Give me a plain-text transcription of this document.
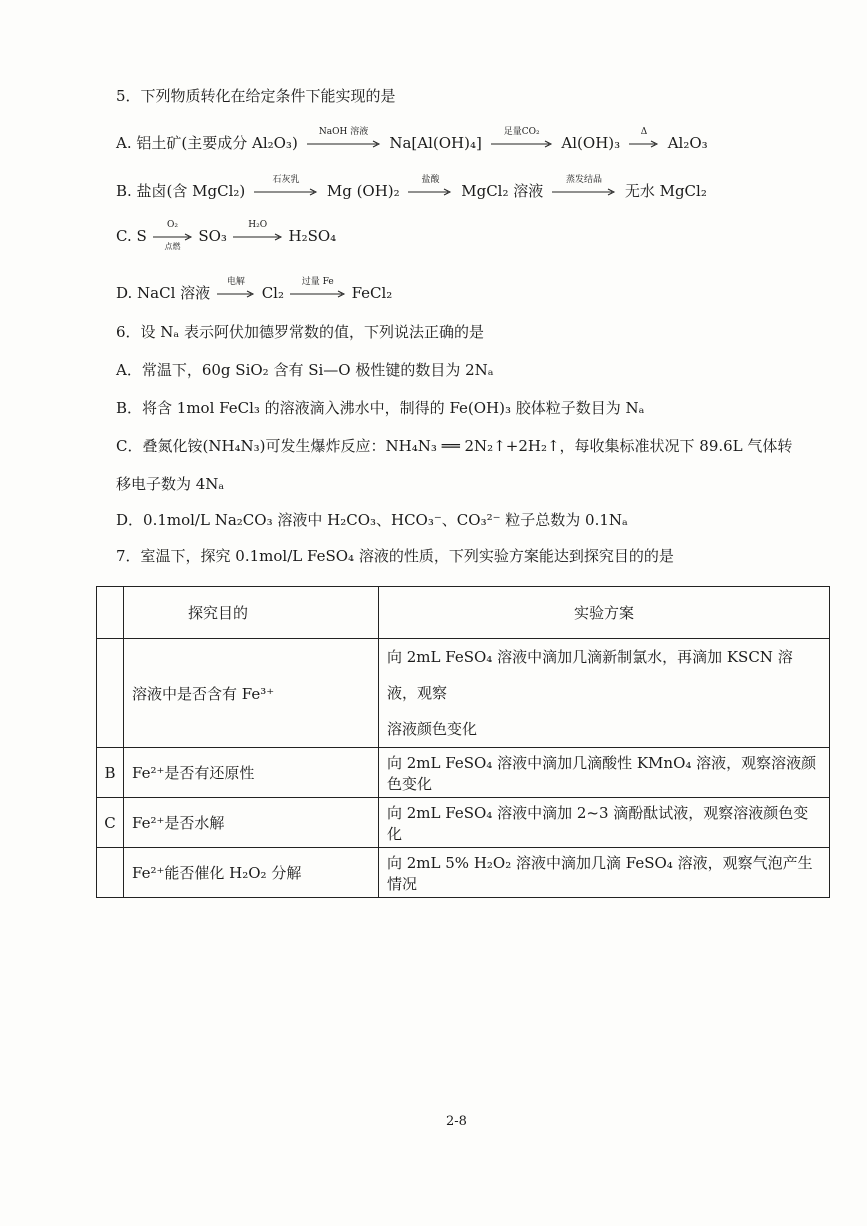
5．下列物质转化在给定条件下能实现的是
A. 铝土矿(主要成分 Al₂O₃)
NaOH 溶液
Na[Al(OH)₄]
足量CO₂
Al(OH)₃
Δ
Al₂O₃
B. 盐卤(含 MgCl₂)
石灰乳
Mg (OH)₂
盐酸
MgCl₂ 溶液
蒸发结晶
无水 MgCl₂
C. S
O₂
点燃
SO₃
H₂O
H₂SO₄
D. NaCl 溶液
电解
Cl₂
过量 Fe
FeCl₂
6．设 Nₐ 表示阿伏加德罗常数的值，下列说法正确的是
A．常温下，60g SiO₂ 含有 Si—O 极性键的数目为 2Nₐ
B．将含 1mol FeCl₃ 的溶液滴入沸水中，制得的 Fe(OH)₃ 胶体粒子数目为 Nₐ
C．叠氮化铵(NH₄N₃)可发生爆炸反应：NH₄N₃ ══ 2N₂↑+2H₂↑，每收集标准状况下 89.6L 气体转
移电子数为 4Nₐ
D．0.1mol/L Na₂CO₃ 溶液中 H₂CO₃、HCO₃⁻、CO₃²⁻ 粒子总数为 0.1Nₐ
7．室温下，探究 0.1mol/L FeSO₄ 溶液的性质，下列实验方案能达到探究目的的是
	探究目的	实验方案
	溶液中是否含有 Fe³⁺	向 2mL FeSO₄ 溶液中滴加几滴新制氯水，再滴加 KSCN 溶液，观察
溶液颜色变化

B	Fe²⁺是否有还原性	向 2mL FeSO₄ 溶液中滴加几滴酸性 KMnO₄ 溶液，观察溶液颜色变化
C	Fe²⁺是否水解	向 2mL FeSO₄ 溶液中滴加 2~3 滴酚酞试液，观察溶液颜色变化
	Fe²⁺能否催化 H₂O₂ 分解	向 2mL 5% H₂O₂ 溶液中滴加几滴 FeSO₄ 溶液，观察气泡产生情况
2-8
